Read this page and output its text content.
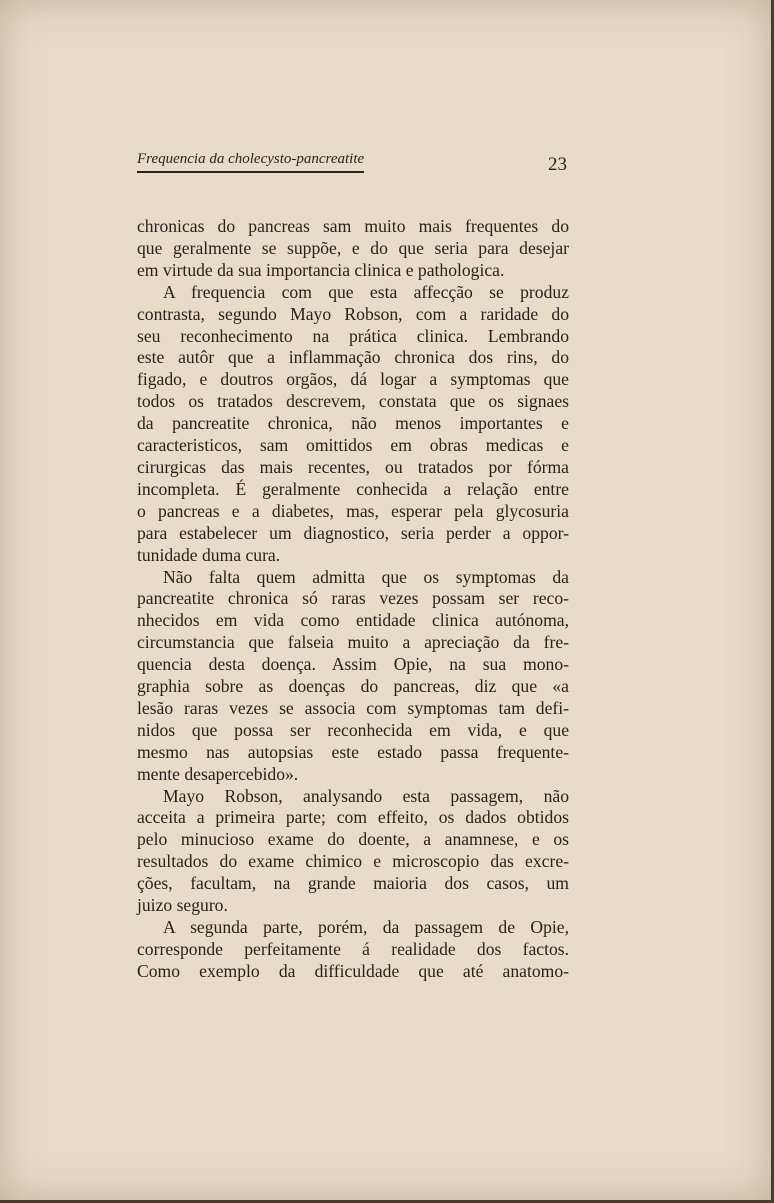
Frequencia da cholecysto-pancreatite	23
chronicas do pancreas sam muito mais frequentes do
que geralmente se suppõe, e do que seria para desejar
em virtude da sua importancia clinica e pathologica.
A frequencia com que esta affecção se produz
contrasta, segundo Mayo Robson, com a raridade do
seu reconhecimento na prática clinica. Lembrando
este autôr que a inflammação chronica dos rins, do
figado, e doutros orgãos, dá logar a symptomas que
todos os tratados descrevem, constata que os signaes
da pancreatite chronica, não menos importantes e
caracteristicos, sam omittidos em obras medicas e
cirurgicas das mais recentes, ou tratados por fórma
incompleta. É geralmente conhecida a relação entre
o pancreas e a diabetes, mas, esperar pela glycosuria
para estabelecer um diagnostico, seria perder a oppor-
tunidade duma cura.
Não falta quem admitta que os symptomas da
pancreatite chronica só raras vezes possam ser reco-
nhecidos em vida como entidade clinica autónoma,
circumstancia que falseia muito a apreciação da fre-
quencia desta doença. Assim Opie, na sua mono-
graphia sobre as doenças do pancreas, diz que «a
lesão raras vezes se associa com symptomas tam defi-
nidos que possa ser reconhecida em vida, e que
mesmo nas autopsias este estado passa frequente-
mente desapercebido».
Mayo Robson, analysando esta passagem, não
acceita a primeira parte; com effeito, os dados obtidos
pelo minucioso exame do doente, a anamnese, e os
resultados do exame chimico e microscopio das excre-
ções, facultam, na grande maioria dos casos, um
juizo seguro.
A segunda parte, porém, da passagem de Opie,
corresponde perfeitamente á realidade dos factos.
Como exemplo da difficuldade que até anatomo-
